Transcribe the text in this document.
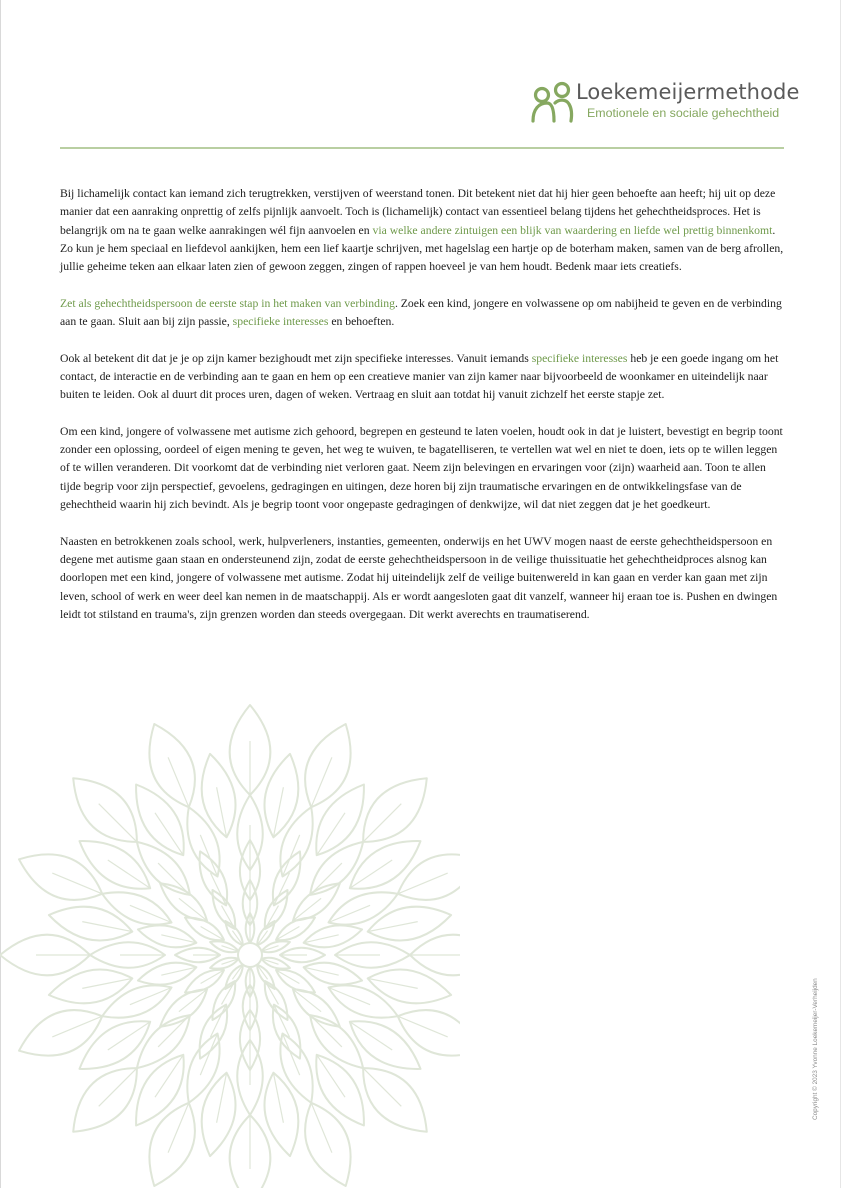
Loekemeijermethode
Emotionele en sociale gehechtheid

Bij lichamelijk contact kan iemand zich terugtrekken, verstijven of weerstand tonen. Dit betekent niet dat hij hier geen behoefte aan heeft; hij uit op deze manier dat een aanraking onprettig of zelfs pijnlijk aanvoelt. Toch is (lichamelijk) contact van essentieel belang tijdens het gehechtheidsproces. Het is belangrijk om na te gaan welke aanrakingen wél fijn aanvoelen en via welke andere zintuigen een blijk van waardering en liefde wel prettig binnenkomt. Zo kun je hem speciaal en liefdevol aankijken, hem een lief kaartje schrijven, met hagelslag een hartje op de boterham maken, samen van de berg afrollen, jullie geheime teken aan elkaar laten zien of gewoon zeggen, zingen of rappen hoeveel je van hem houdt. Bedenk maar iets creatiefs.

Zet als gehechtheidspersoon de eerste stap in het maken van verbinding. Zoek een kind, jongere en volwassene op om nabijheid te geven en de verbinding aan te gaan. Sluit aan bij zijn passie, specifieke interesses en behoeften.

Ook al betekent dit dat je je op zijn kamer bezighoudt met zijn specifieke interesses. Vanuit iemands specifieke interesses heb je een goede ingang om het contact, de interactie en de verbinding aan te gaan en hem op een creatieve manier van zijn kamer naar bijvoorbeeld de woonkamer en uiteindelijk naar buiten te leiden. Ook al duurt dit proces uren, dagen of weken. Vertraag en sluit aan totdat hij vanuit zichzelf het eerste stapje zet.

Om een kind, jongere of volwassene met autisme zich gehoord, begrepen en gesteund te laten voelen, houdt ook in dat je luistert, bevestigt en begrip toont zonder een oplossing, oordeel of eigen mening te geven, het weg te wuiven, te bagatelliseren, te vertellen wat wel en niet te doen, iets op te willen leggen of te willen veranderen. Dit voorkomt dat de verbinding niet verloren gaat. Neem zijn belevingen en ervaringen voor (zijn) waarheid aan. Toon te allen tijde begrip voor zijn perspectief, gevoelens, gedragingen en uitingen, deze horen bij zijn traumatische ervaringen en de ontwikkelingsfase van de gehechtheid waarin hij zich bevindt. Als je begrip toont voor ongepaste gedragingen of denkwijze, wil dat niet zeggen dat je het goedkeurt.

Naasten en betrokkenen zoals school, werk, hulpverleners, instanties, gemeenten, onderwijs en het UWV mogen naast de eerste gehechtheidspersoon en degene met autisme gaan staan en ondersteunend zijn, zodat de eerste gehechtheidspersoon in de veilige thuissituatie het gehechtheidproces alsnog kan doorlopen met een kind, jongere of volwassene met autisme. Zodat hij uiteindelijk zelf de veilige buitenwereld in kan gaan en verder kan gaan met zijn leven, school of werk en weer deel kan nemen in de maatschappij. Als er wordt aangesloten gaat dit vanzelf, wanneer hij eraan toe is. Pushen en dwingen leidt tot stilstand en trauma's, zijn grenzen worden dan steeds overgegaan. Dit werkt averechts en traumatiserend.

Copyright © 2023 Yvonne Loekemeijer-Verheijden
